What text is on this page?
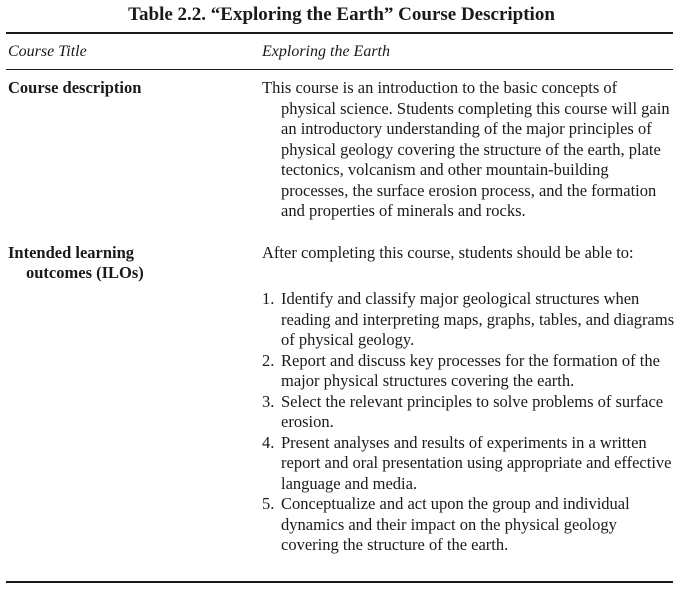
Table 2.2. “Exploring the Earth” Course Description
Course Title	Exploring the Earth
Course description	This course is an introduction to the basic concepts of physical science. Students completing this course will gain an introductory understanding of the major principles of physical geology covering the structure of the earth, plate tectonics, volcanism and other mountain-building processes, the surface erosion process, and the formation and properties of minerals and rocks.

Intended learning
outcomes (ILOs)

After completing this course, students should be able to:

1. Identify and classify major geological structures when reading and interpreting maps, graphs, tables, and diagrams of physical geology.
2. Report and discuss key processes for the formation of the major physical structures covering the earth.
3. Select the relevant principles to solve problems of surface erosion.
4. Present analyses and results of experiments in a written report and oral presentation using appropriate and effective language and media.
5. Conceptualize and act upon the group and individual dynamics and their impact on the physical geology covering the structure of the earth.
